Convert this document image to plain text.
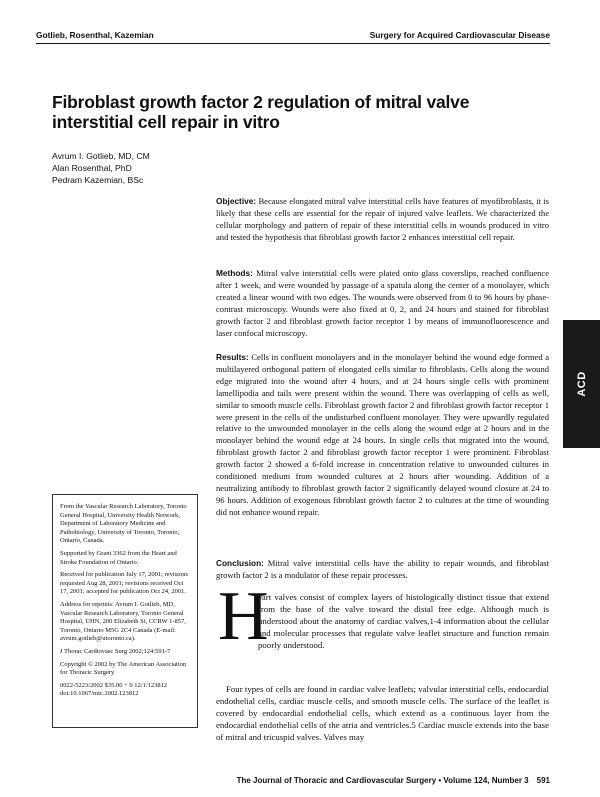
Gotlieb, Rosenthal, Kazemian	Surgery for Acquired Cardiovascular Disease
Fibroblast growth factor 2 regulation of mitral valve interstitial cell repair in vitro
Avrum I. Gotlieb, MD, CM
Alan Rosenthal, PhD
Pedram Kazemian, BSc

Objective: Because elongated mitral valve interstitial cells have features of myofibroblasts, it is likely that these cells are essential for the repair of injured valve leaflets. We characterized the cellular morphology and pattern of repair of these interstitial cells in wounds produced in vitro and tested the hypothesis that fibroblast growth factor 2 enhances interstitial cell repair.

Methods: Mitral valve interstitial cells were plated onto glass coverslips, reached confluence after 1 week, and were wounded by passage of a spatula along the center of a monolayer, which created a linear wound with two edges. The wounds were observed from 0 to 96 hours by phase-contrast microscopy. Wounds were also fixed at 0, 2, and 24 hours and stained for fibroblast growth factor 2 and fibroblast growth factor receptor 1 by means of immunofluorescence and laser confocal microscopy.

Results: Cells in confluent monolayers and in the monolayer behind the wound edge formed a multilayered orthogonal pattern of elongated cells similar to fibroblasts. Cells along the wound edge migrated into the wound after 4 hours, and at 24 hours single cells with prominent lamellipodia and tails were present within the wound. There was overlapping of cells as well, similar to smooth muscle cells. Fibroblast growth factor 2 and fibroblast growth factor receptor 1 were present in the cells of the undisturbed confluent monolayer. They were upwardly regulated relative to the unwounded monolayer in the cells along the wound edge at 2 hours and in the monolayer behind the wound edge at 24 hours. In single cells that migrated into the wound, fibroblast growth factor 2 and fibroblast growth factor receptor 1 were prominent. Fibroblast growth factor 2 showed a 6-fold increase in concentration relative to unwounded cultures in conditioned medium from wounded cultures at 2 hours after wounding. Addition of a neutralizing antibody to fibroblast growth factor 2 significantly delayed wound closure at 24 to 96 hours. Addition of exogenous fibroblast growth factor 2 to cultures at the time of wounding did not enhance wound repair.

Conclusion: Mitral valve interstitial cells have the ability to repair wounds, and fibroblast growth factor 2 is a modulator of these repair processes.

ACD

From the Vascular Research Laboratory, Toronto General Hospital, University Health Network, Department of Laboratory Medicine and Pathobiology, University of Toronto, Toronto, Ontario, Canada.

Supported by Grant 3362 from the Heart and Stroke Foundation of Ontario.

Received for publication July 17, 2001; revisions requested Aug 28, 2001; revisions received Oct 17, 2001; accepted for publication Oct 24, 2001.

Address for reprints: Avrum I. Gotlieb, MD, Vascular Research Laboratory, Toronto General Hospital, UHN, 200 Elizabeth St, CCRW 1-857, Toronto, Ontario M5G 2C4 Canada (E-mail: avrum.gotlieb@utoronto.ca).

J Thorac Cardiovasc Surg 2002;124:591-7

Copyright © 2002 by The American Association for Thoracic Surgery

0022-5223/2002 $35.00 + 0 12/1/123812

doi:10.1067/mtc.2002.123812

H

eart valves consist of complex layers of histologically distinct tissue that extend from the base of the valve toward the distal free edge. Although much is understood about the anatomy of cardiac valves,1-4 information about the cellular and molecular processes that regulate valve leaflet structure and function remain poorly understood.

Four types of cells are found in cardiac valve leaflets; valvular interstitial cells, endocardial endothelial cells, cardiac muscle cells, and smooth muscle cells. The surface of the leaflet is covered by endocardial endothelial cells, which extend as a continuous layer from the endocardial endothelial cells of the atria and ventricles.5 Cardiac muscle extends into the base of mitral and tricuspid valves. Valves may

The Journal of Thoracic and Cardiovascular Surgery • Volume 124, Number 3 591
